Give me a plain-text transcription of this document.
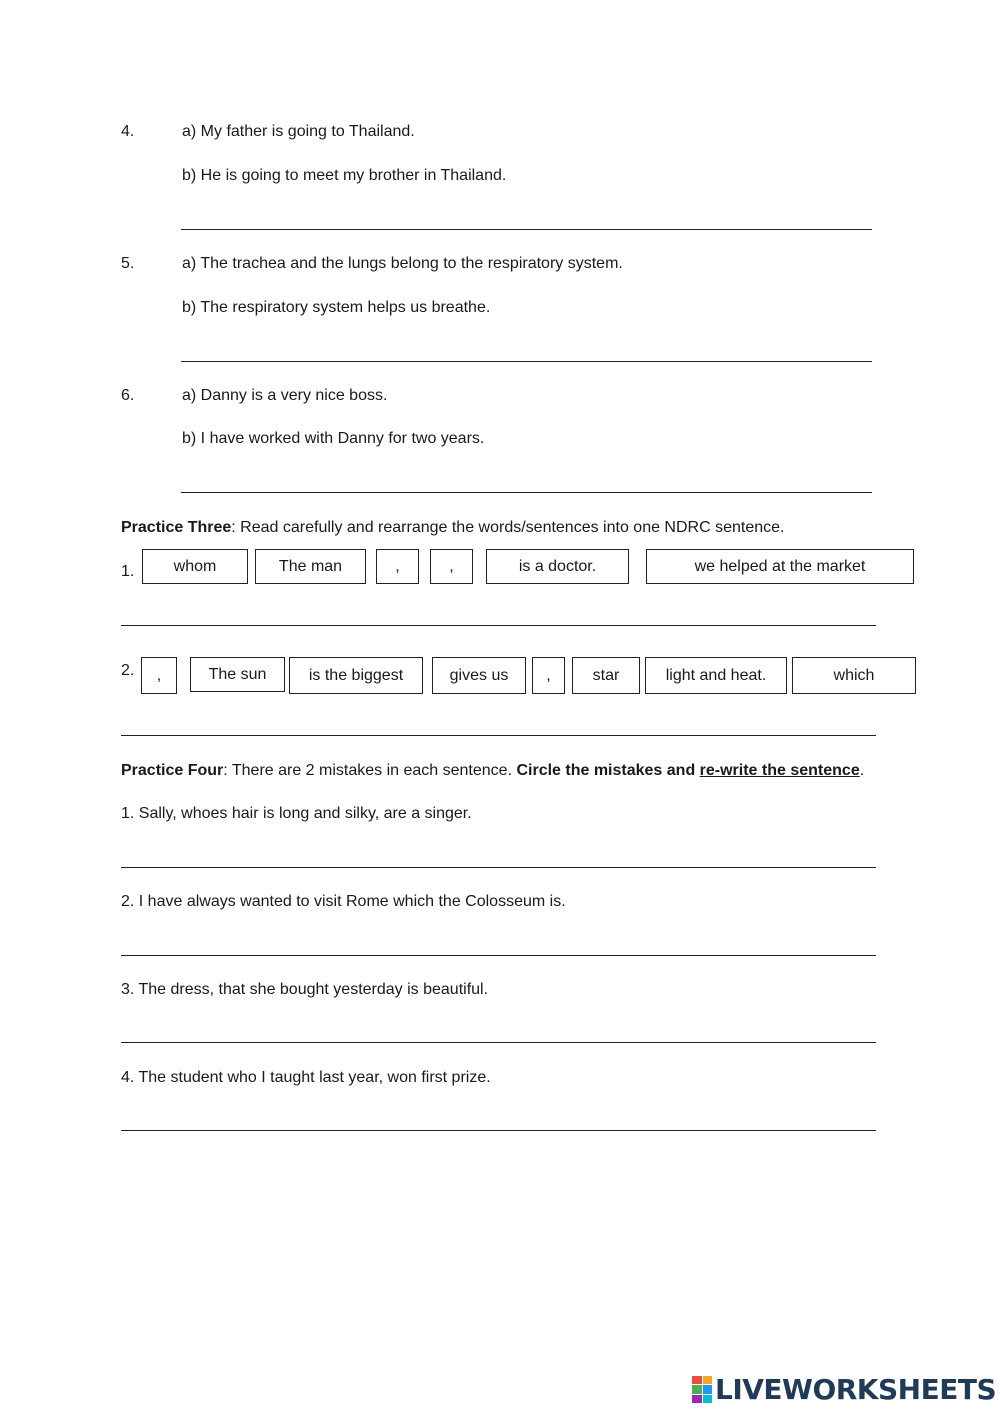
4.	a) My father is going to Thailand.
b) He is going to meet my brother in Thailand.
5.	a) The trachea and the lungs belong to the respiratory system.
b) The respiratory system helps us breathe.
6.	a) Danny is a very nice boss.
b) I have worked with Danny for two years.
Practice Three: Read carefully and rearrange the words/sentences into one NDRC sentence.
1.	whom	The man	,	,	is a doctor.	we helped at the market
2.	,	The sun	is the biggest	gives us	,	star	light and heat.	which
Practice Four: There are 2 mistakes in each sentence. Circle the mistakes and re-write the sentence.
1. Sally, whoes hair is long and silky, are a singer.
2. I have always wanted to visit Rome which the Colosseum is.
3. The dress, that she bought yesterday is beautiful.
4. The student who I taught last year, won first prize.
LIVEWORKSHEETS
